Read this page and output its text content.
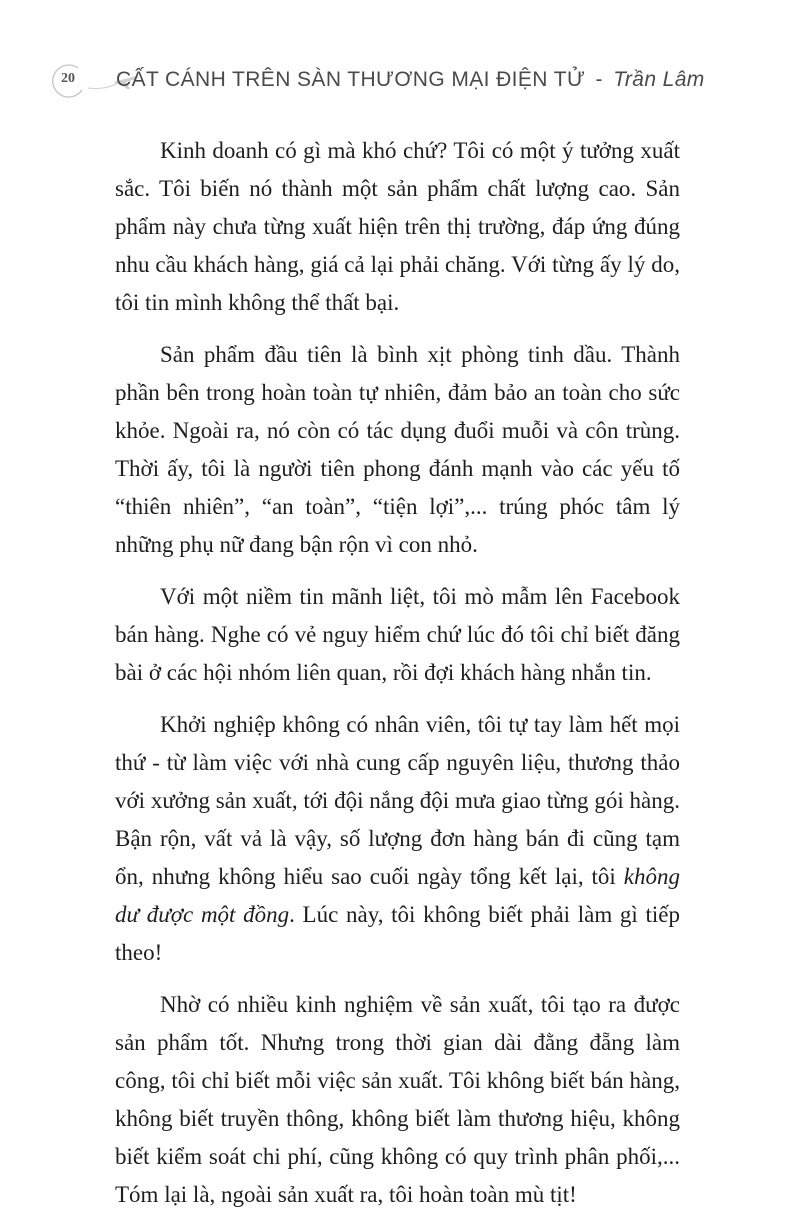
20	CẤT CÁNH TRÊN SÀN THƯƠNG MẠI ĐIỆN TỬ - Trần Lâm

Kinh doanh có gì mà khó chứ? Tôi có một ý tưởng xuất sắc. Tôi biến nó thành một sản phẩm chất lượng cao. Sản phẩm này chưa từng xuất hiện trên thị trường, đáp ứng đúng nhu cầu khách hàng, giá cả lại phải chăng. Với từng ấy lý do, tôi tin mình không thể thất bại.

Sản phẩm đầu tiên là bình xịt phòng tinh dầu. Thành phần bên trong hoàn toàn tự nhiên, đảm bảo an toàn cho sức khỏe. Ngoài ra, nó còn có tác dụng đuổi muỗi và côn trùng. Thời ấy, tôi là người tiên phong đánh mạnh vào các yếu tố “thiên nhiên”, “an toàn”, “tiện lợi”,... trúng phóc tâm lý những phụ nữ đang bận rộn vì con nhỏ.

Với một niềm tin mãnh liệt, tôi mò mẫm lên Facebook bán hàng. Nghe có vẻ nguy hiểm chứ lúc đó tôi chỉ biết đăng bài ở các hội nhóm liên quan, rồi đợi khách hàng nhắn tin.

Khởi nghiệp không có nhân viên, tôi tự tay làm hết mọi thứ - từ làm việc với nhà cung cấp nguyên liệu, thương thảo với xưởng sản xuất, tới đội nắng đội mưa giao từng gói hàng. Bận rộn, vất vả là vậy, số lượng đơn hàng bán đi cũng tạm ổn, nhưng không hiểu sao cuối ngày tổng kết lại, tôi không dư được một đồng. Lúc này, tôi không biết phải làm gì tiếp theo!

Nhờ có nhiều kinh nghiệm về sản xuất, tôi tạo ra được sản phẩm tốt. Nhưng trong thời gian dài đằng đẵng làm công, tôi chỉ biết mỗi việc sản xuất. Tôi không biết bán hàng, không biết truyền thông, không biết làm thương hiệu, không biết kiểm soát chi phí, cũng không có quy trình phân phối,... Tóm lại là, ngoài sản xuất ra, tôi hoàn toàn mù tịt!
